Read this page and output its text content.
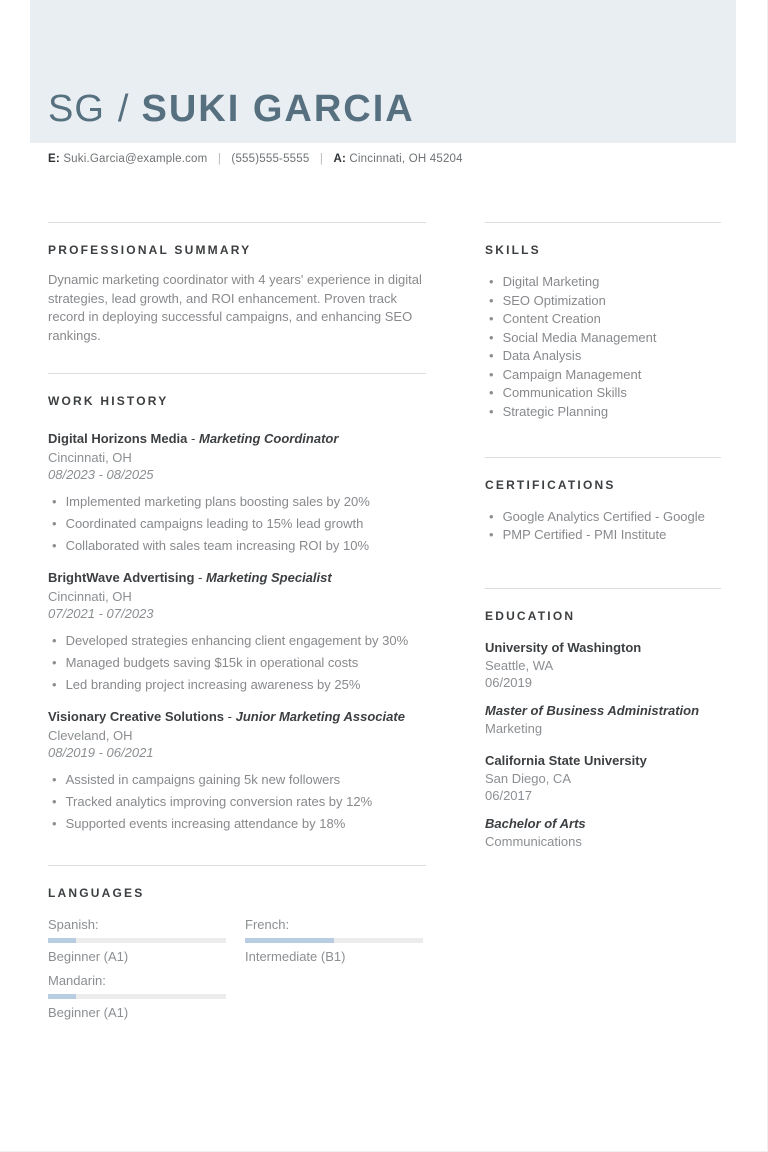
SG / SUKI GARCIA
E: Suki.Garcia@example.com | (555)555-5555 | A: Cincinnati, OH 45204
PROFESSIONAL SUMMARY
Dynamic marketing coordinator with 4 years' experience in digital strategies, lead growth, and ROI enhancement. Proven track record in deploying successful campaigns, and enhancing SEO rankings.
WORK HISTORY
Digital Horizons Media - Marketing Coordinator
Cincinnati, OH
08/2023 - 08/2025
• Implemented marketing plans boosting sales by 20%
• Coordinated campaigns leading to 15% lead growth
• Collaborated with sales team increasing ROI by 10%
BrightWave Advertising - Marketing Specialist
Cincinnati, OH
07/2021 - 07/2023
• Developed strategies enhancing client engagement by 30%
• Managed budgets saving $15k in operational costs
• Led branding project increasing awareness by 25%
Visionary Creative Solutions - Junior Marketing Associate
Cleveland, OH
08/2019 - 06/2021
• Assisted in campaigns gaining 5k new followers
• Tracked analytics improving conversion rates by 12%
• Supported events increasing attendance by 18%
LANGUAGES
Spanish:
Beginner (A1)
French:
Intermediate (B1)
Mandarin:
Beginner (A1)
SKILLS
• Digital Marketing
• SEO Optimization
• Content Creation
• Social Media Management
• Data Analysis
• Campaign Management
• Communication Skills
• Strategic Planning
CERTIFICATIONS
• Google Analytics Certified - Google
• PMP Certified - PMI Institute
EDUCATION
University of Washington
Seattle, WA
06/2019
Master of Business Administration
Marketing
California State University
San Diego, CA
06/2017
Bachelor of Arts
Communications
